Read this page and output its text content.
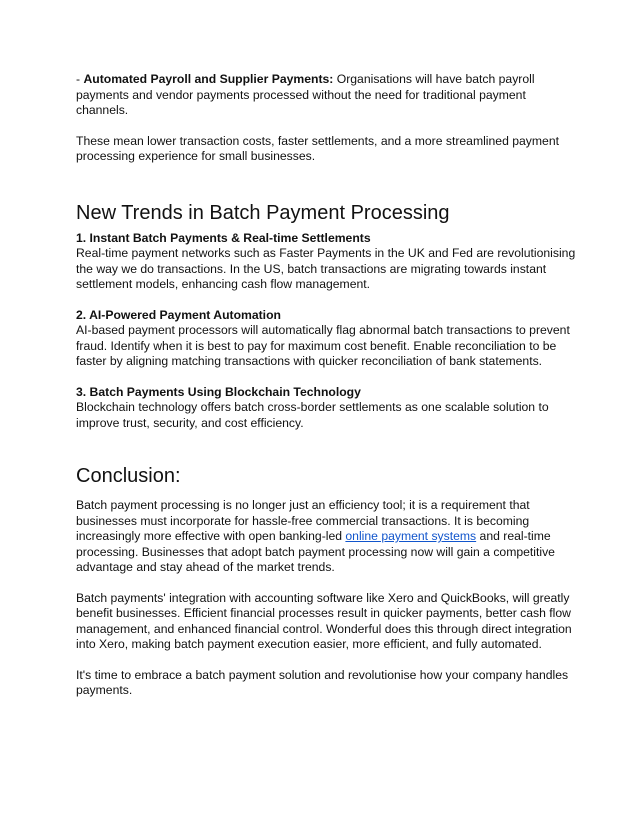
- Automated Payroll and Supplier Payments: Organisations will have batch payroll payments and vendor payments processed without the need for traditional payment channels.

These mean lower transaction costs, faster settlements, and a more streamlined payment processing experience for small businesses.

New Trends in Batch Payment Processing

1. Instant Batch Payments & Real-time Settlements

Real-time payment networks such as Faster Payments in the UK and Fed are revolutionising the way we do transactions. In the US, batch transactions are migrating towards instant settlement models, enhancing cash flow management.

2. AI-Powered Payment Automation

AI-based payment processors will automatically flag abnormal batch transactions to prevent fraud. Identify when it is best to pay for maximum cost benefit. Enable reconciliation to be faster by aligning matching transactions with quicker reconciliation of bank statements.

3. Batch Payments Using Blockchain Technology

Blockchain technology offers batch cross-border settlements as one scalable solution to improve trust, security, and cost efficiency.

Conclusion:

Batch payment processing is no longer just an efficiency tool; it is a requirement that businesses must incorporate for hassle-free commercial transactions. It is becoming increasingly more effective with open banking-led online payment systems and real-time processing. Businesses that adopt batch payment processing now will gain a competitive advantage and stay ahead of the market trends.

Batch payments' integration with accounting software like Xero and QuickBooks, will greatly benefit businesses. Efficient financial processes result in quicker payments, better cash flow management, and enhanced financial control. Wonderful does this through direct integration into Xero, making batch payment execution easier, more efficient, and fully automated.

It's time to embrace a batch payment solution and revolutionise how your company handles payments.
